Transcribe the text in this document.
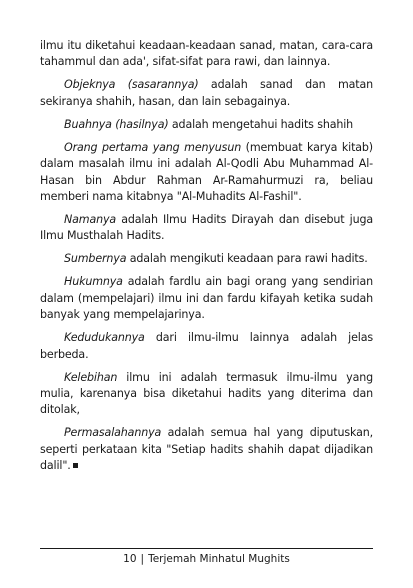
ilmu itu diketahui keadaan-keadaan sanad, matan, cara-cara tahammul dan ada', sifat-sifat para rawi, dan lainnya.

Objeknya (sasarannya) adalah sanad dan matan sekiranya shahih, hasan, dan lain sebagainya.

Buahnya (hasilnya) adalah mengetahui hadits shahih

Orang pertama yang menyusun (membuat karya kitab) dalam masalah ilmu ini adalah Al-Qodli Abu Muhammad Al-Hasan bin Abdur Rahman Ar-Ramahurmuzi ra, beliau memberi nama kitabnya "Al-Muhadits Al-Fashil".

Namanya adalah Ilmu Hadits Dirayah dan disebut juga Ilmu Musthalah Hadits.

Sumbernya adalah mengikuti keadaan para rawi hadits.

Hukumnya adalah fardlu ain bagi orang yang sendirian dalam (mempelajari) ilmu ini dan fardu kifayah ketika sudah banyak yang mempelajarinya.

Kedudukannya dari ilmu-ilmu lainnya adalah jelas berbeda.

Kelebihan ilmu ini adalah termasuk ilmu-ilmu yang mulia, karenanya bisa diketahui hadits yang diterima dan ditolak,

Permasalahannya adalah semua hal yang diputuskan, seperti perkataan kita "Setiap hadits shahih dapat dijadikan dalil".

10 | Terjemah Minhatul Mughits
